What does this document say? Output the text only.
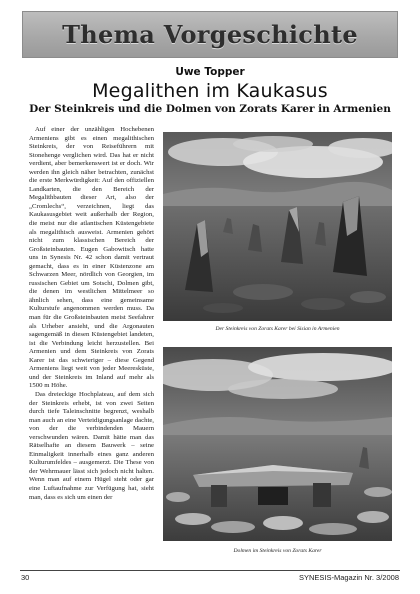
Thema Vorgeschichte
Uwe Topper
Megalithen im Kaukasus
Der Steinkreis und die Dolmen von Zorats Karer in Armenien

Auf einer der unzähligen Hochebenen Armeniens gibt es einen megalithischen Steinkreis, der von Reiseführern mit Stonehenge verglichen wird. Das hat er nicht verdient, aber bemerkenswert ist er doch. Wir werden ihn gleich näher betrachten, zunächst die erste Merkwürdigkeit: Auf den offiziellen Landkarten, die den Bereich der Megalithbauten dieser Art, also der „Cromlechs“, verzeichnen, liegt das Kaukasusgebiet weit außerhalb der Region, die meist nur die atlantischen Küstengebiete als megalithisch ausweist. Armenien gehört nicht zum klassischen Bereich der Großsteinbauten. Eugen Gabowitsch hatte uns in Synesis Nr. 42 schon damit vertraut gemacht, dass es in einer Küstenzone am Schwarzen Meer, nördlich von Georgien, im russischen Gebiet um Sotschi, Dolmen gibt, die denen im westlichen Mittelmeer so ähnlich sehen, dass eine gemeinsame Kulturstufe angenommen werden muss. Da man für die Großsteinbauten meist Seefahrer als Urheber ansieht, und die Argonauten sagengemäß in diesen Küstengebiet landeten, ist die Verbindung leicht herzustellen. Bei Armenien und dem Steinkreis von Zorats Karer ist das schwieriger – diese Gegend Armeniens liegt weit von jeder Meeresküste, und der Steinkreis im Inland auf mehr als 1500 m Höhe.

Das dreieckige Hochplateau, auf dem sich der Steinkreis erhebt, ist von zwei Seiten durch tiefe Taleinschnitte begrenzt, weshalb man auch an eine Verteidigungsanlage dachte, von der die verbindenden Mauern verschwunden wären. Damit hätte man das Rätselhafte an diesem Bauwerk – seine Einmaligkeit innerhalb eines ganz anderen Kulturumfeldes – ausgemerzt. Die These von der Wehrmauer lässt sich jedoch nicht halten. Wenn man auf einem Hügel steht oder gar eine Luftaufnahme zur Verfügung hat, sieht man, dass es sich um einen der

Der Steinkreis von Zorats Karer bei Sisian in Armenien
Dolmen im Steinkreis von Zorats Karer
30	SYNESIS-Magazin Nr. 3/2008
